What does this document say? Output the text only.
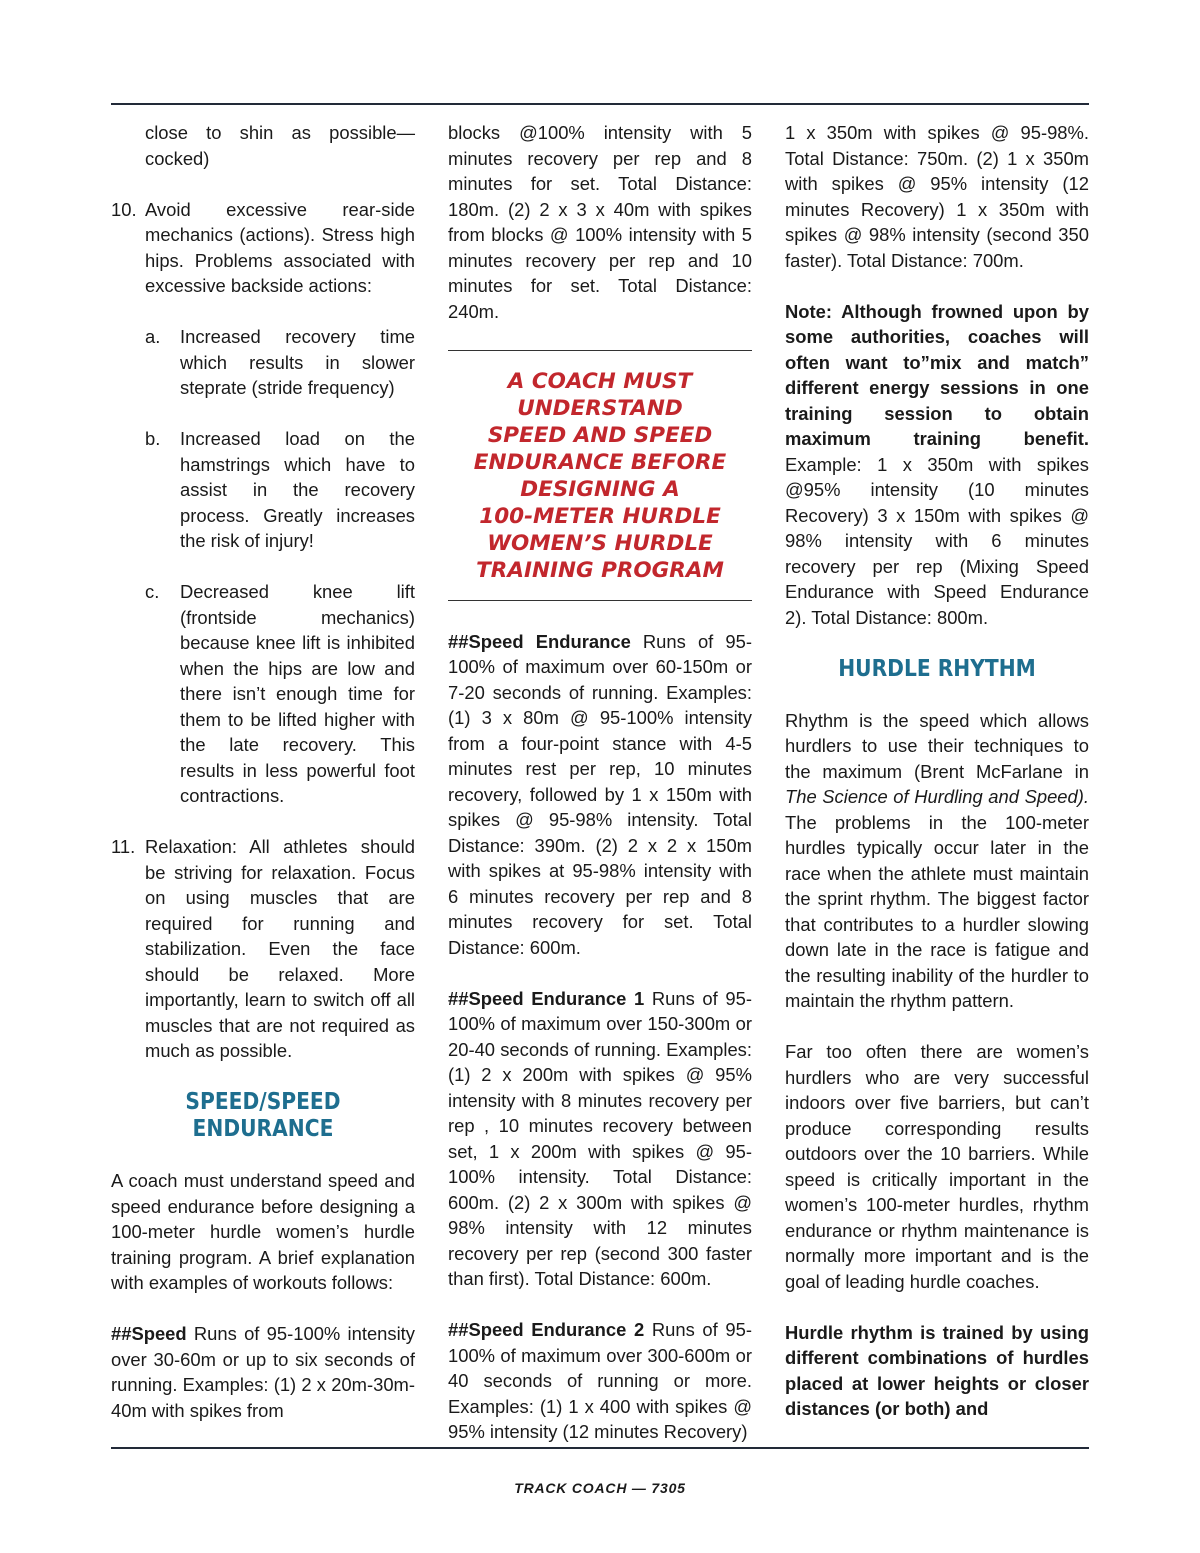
close to shin as possible—cocked)

10. Avoid excessive rear-side mechanics (actions). Stress high hips. Problems associated with excessive backside actions:

a. Increased recovery time which results in slower steprate (stride frequency)

b. Increased load on the hamstrings which have to assist in the recovery process. Greatly increases the risk of injury!

c. Decreased knee lift (frontside mechanics) because knee lift is inhibited when the hips are low and there isn’t enough time for them to be lifted higher with the late recovery. This results in less powerful foot contractions.

11. Relaxation: All athletes should be striving for relaxation. Focus on using muscles that are required for running and stabilization. Even the face should be relaxed. More importantly, learn to switch off all muscles that are not required as much as possible.

SPEED/SPEED
ENDURANCE

A coach must understand speed and speed endurance before designing a 100-meter hurdle women’s hurdle training program. A brief explanation with examples of workouts follows:

##Speed Runs of 95-100% intensity over 30-60m or up to six seconds of running. Examples: (1) 2 x 20m-30m-40m with spikes from

blocks @100% intensity with 5 minutes recovery per rep and 8 minutes for set. Total Distance: 180m. (2) 2 x 3 x 40m with spikes from blocks @ 100% intensity with 5 minutes recovery per rep and 10 minutes for set. Total Distance: 240m.

A COACH MUST
UNDERSTAND
SPEED AND SPEED
ENDURANCE BEFORE
DESIGNING A
100-METER HURDLE
WOMEN’S HURDLE
TRAINING PROGRAM

##Speed Endurance Runs of 95-100% of maximum over 60-150m or 7-20 seconds of running. Examples: (1) 3 x 80m @ 95-100% intensity from a four-point stance with 4-5 minutes rest per rep, 10 minutes recovery, followed by 1 x 150m with spikes @ 95-98% intensity. Total Distance: 390m. (2) 2 x 2 x 150m with spikes at 95-98% intensity with 6 minutes recovery per rep and 8 minutes recovery for set. Total Distance: 600m.

##Speed Endurance 1 Runs of 95-100% of maximum over 150-300m or 20-40 seconds of running. Examples: (1) 2 x 200m with spikes @ 95% intensity with 8 minutes recovery per rep , 10 minutes recovery between set, 1 x 200m with spikes @ 95-100% intensity. Total Distance: 600m. (2) 2 x 300m with spikes @ 98% intensity with 12 minutes recovery per rep (second 300 faster than first). Total Distance: 600m.

##Speed Endurance 2 Runs of 95-100% of maximum over 300-600m or 40 seconds of running or more. Examples: (1) 1 x 400 with spikes @ 95% intensity (12 minutes Recovery)

1 x 350m with spikes @ 95-98%. Total Distance: 750m. (2) 1 x 350m with spikes @ 95% intensity (12 minutes Recovery) 1 x 350m with spikes @ 98% intensity (second 350 faster). Total Distance: 700m.

Note: Although frowned upon by some authorities, coaches will often want to”mix and match” different energy sessions in one training session to obtain maximum training benefit. Example: 1 x 350m with spikes @95% intensity (10 minutes Recovery) 3 x 150m with spikes @ 98% intensity with 6 minutes recovery per rep (Mixing Speed Endurance with Speed Endurance 2). Total Distance: 800m.

HURDLE RHYTHM

Rhythm is the speed which allows hurdlers to use their techniques to the maximum (Brent McFarlane in The Science of Hurdling and Speed). The problems in the 100-meter hurdles typically occur later in the race when the athlete must maintain the sprint rhythm. The biggest factor that contributes to a hurdler slowing down late in the race is fatigue and the resulting inability of the hurdler to maintain the rhythm pattern.

Far too often there are women’s hurdlers who are very successful indoors over five barriers, but can’t produce corresponding results outdoors over the 10 barriers. While speed is critically important in the women’s 100-meter hurdles, rhythm endurance or rhythm maintenance is normally more important and is the goal of leading hurdle coaches.

Hurdle rhythm is trained by using different combinations of hurdles placed at lower heights or closer distances (or both) and

TRACK COACH — 7305
